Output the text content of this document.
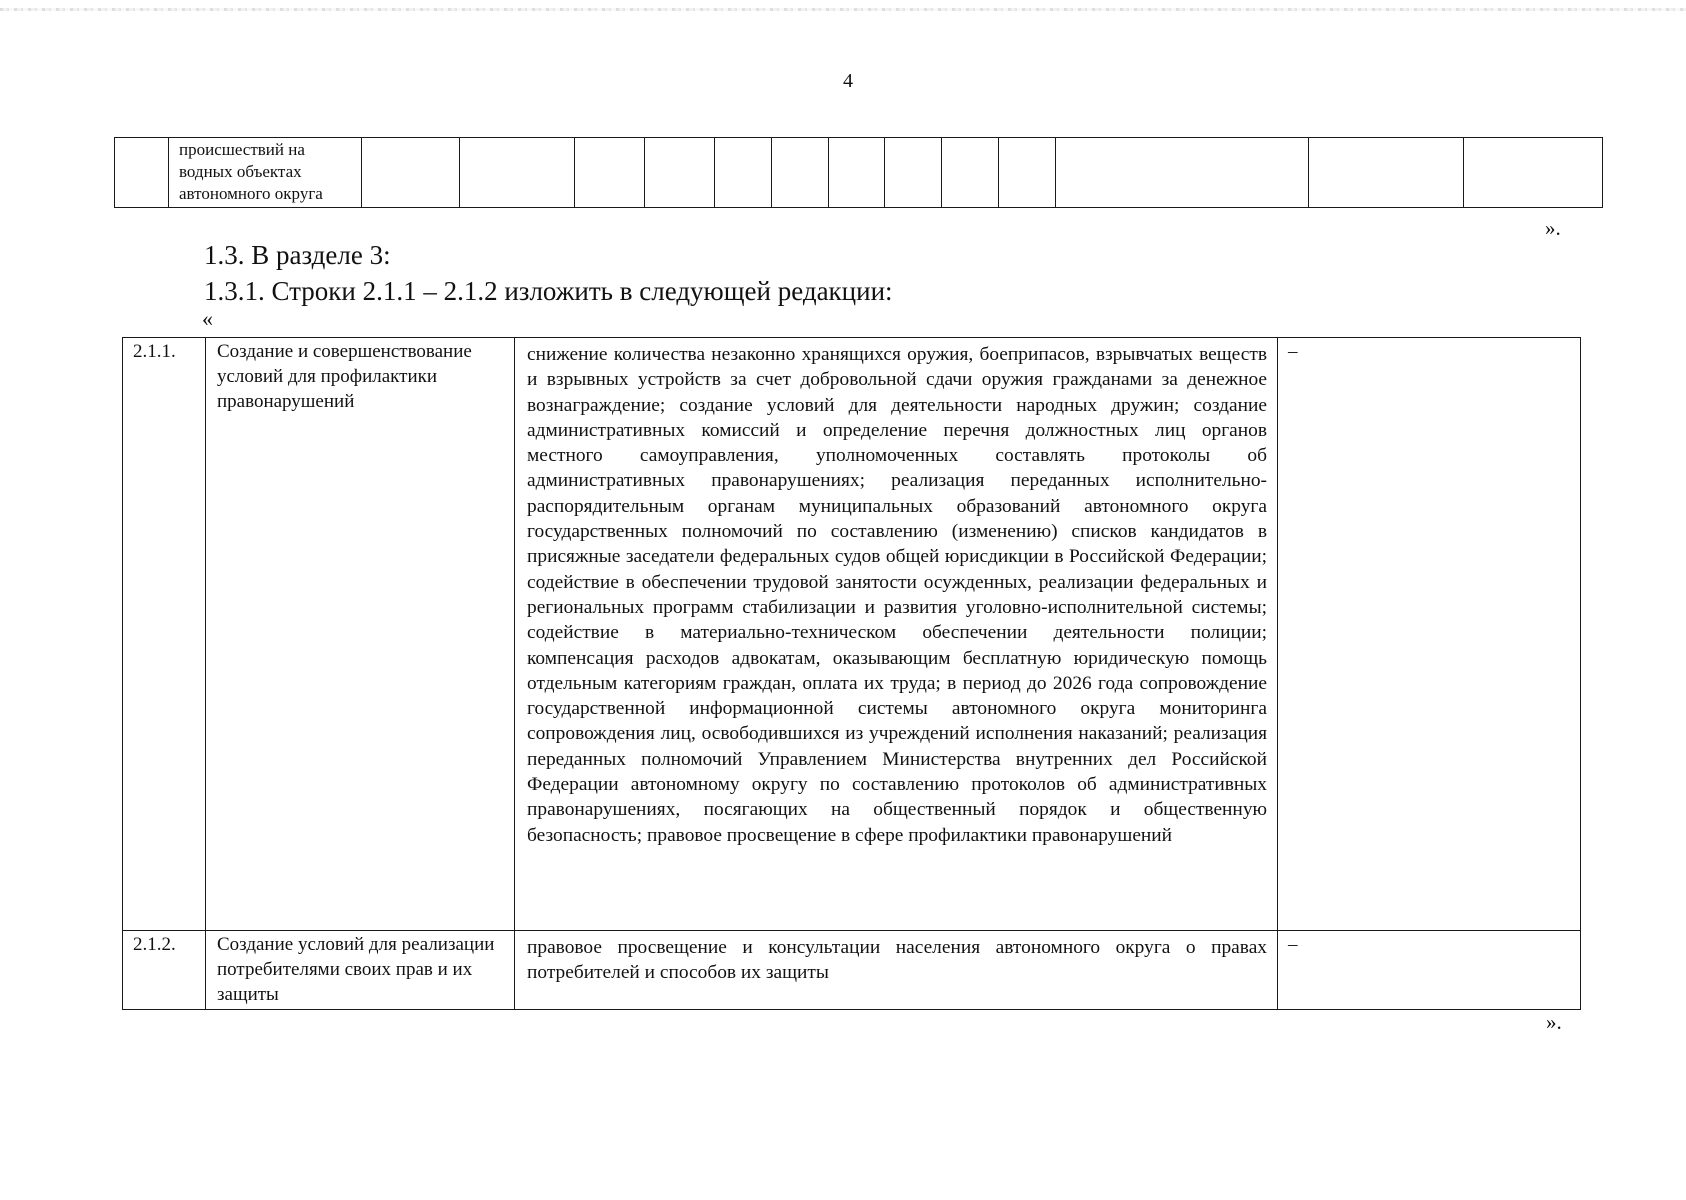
4
	происшествий на водных объектах автономного округа													
».
1.3. В разделе 3:
1.3.1. Строки 2.1.1 – 2.1.2 изложить в следующей редакции:
«
2.1.1.	Создание и совершенствование условий для профилактики правонарушений	снижение количества незаконно хранящихся оружия, боеприпасов, взрывчатых веществ и взрывных устройств за счет добровольной сдачи оружия гражданами за денежное вознаграждение; создание условий для деятельности народных дружин; создание административных комиссий и определение перечня должностных лиц органов местного самоуправления, уполномоченных составлять протоколы об административных правонарушениях; реализация переданных исполнительно-распорядительным органам муниципальных образований автономного округа государственных полномочий по составлению (изменению) списков кандидатов в присяжные заседатели федеральных судов общей юрисдикции в Российской Федерации; содействие в обеспечении трудовой занятости осужденных, реализации федеральных и региональных программ стабилизации и развития уголовно-исполнительной системы; содействие в материально-техническом обеспечении деятельности полиции; компенсация расходов адвокатам, оказывающим бесплатную юридическую помощь отдельным категориям граждан, оплата их труда; в период до 2026 года сопровождение государственной информационной системы автономного округа мониторинга сопровождения лиц, освободившихся из учреждений исполнения наказаний; реализация переданных полномочий Управлением Министерства внутренних дел Российской Федерации автономному округу по составлению протоколов об административных правонарушениях, посягающих на общественный порядок и общественную безопасность; правовое просвещение в сфере профилактики правонарушений	–
2.1.2.	Создание условий для реализации потребителями своих прав и их защиты	правовое просвещение и консультации населения автономного округа о правах потребителей и способов их защиты	–
».
